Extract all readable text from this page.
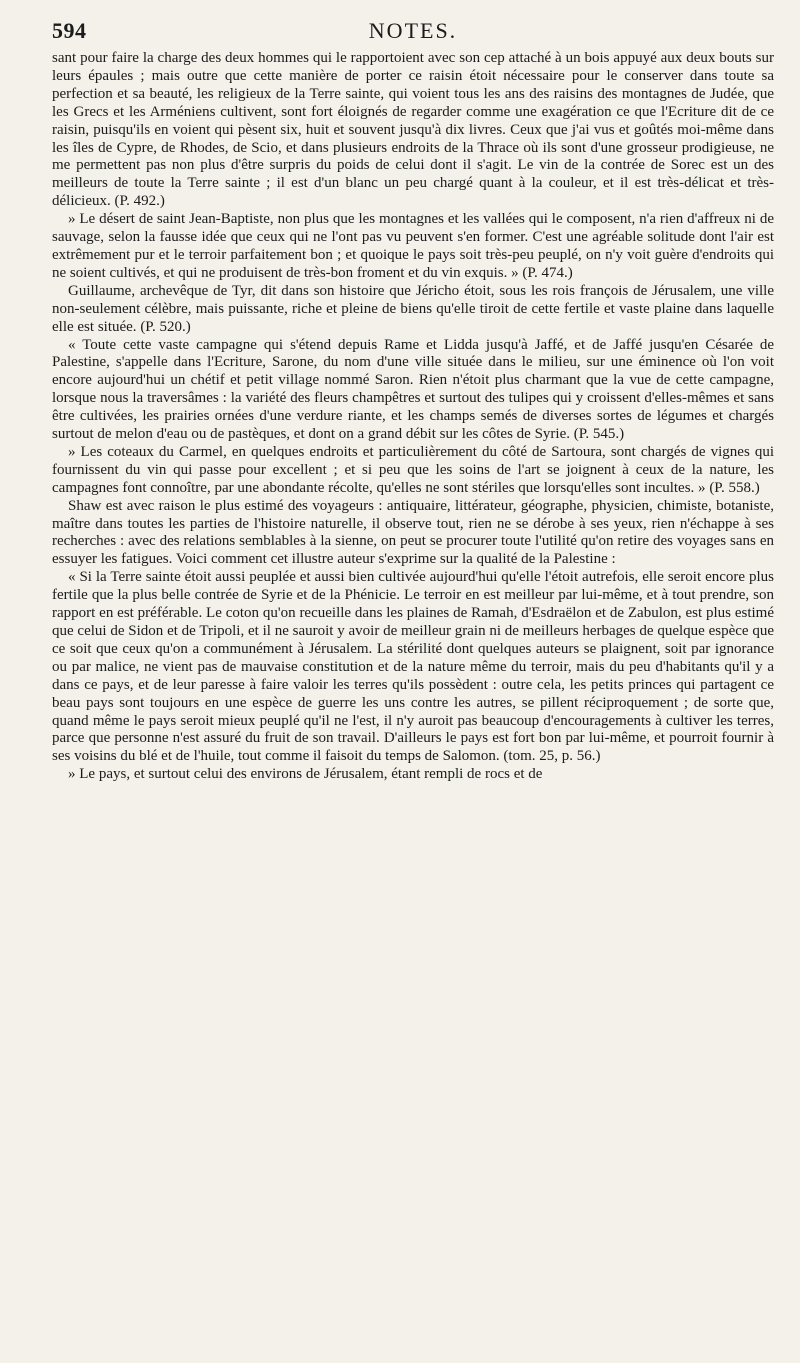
594	NOTES.

sant pour faire la charge des deux hommes qui le rapportoient avec son cep attaché à un bois appuyé aux deux bouts sur leurs épaules ; mais outre que cette manière de porter ce raisin étoit nécessaire pour le conserver dans toute sa perfection et sa beauté, les religieux de la Terre sainte, qui voient tous les ans des raisins des montagnes de Judée, que les Grecs et les Arméniens cultivent, sont fort éloignés de regarder comme une exagération ce que l'Ecriture dit de ce raisin, puisqu'ils en voient qui pèsent six, huit et souvent jusqu'à dix livres. Ceux que j'ai vus et goûtés moi-même dans les îles de Cypre, de Rhodes, de Scio, et dans plusieurs endroits de la Thrace où ils sont d'une grosseur prodigieuse, ne me permettent pas non plus d'être surpris du poids de celui dont il s'agit. Le vin de la contrée de Sorec est un des meilleurs de toute la Terre sainte ; il est d'un blanc un peu chargé quant à la couleur, et il est très-délicat et très-délicieux. (P. 492.)

» Le désert de saint Jean-Baptiste, non plus que les montagnes et les vallées qui le composent, n'a rien d'affreux ni de sauvage, selon la fausse idée que ceux qui ne l'ont pas vu peuvent s'en former. C'est une agréable solitude dont l'air est extrêmement pur et le terroir parfaitement bon ; et quoique le pays soit très-peu peuplé, on n'y voit guère d'endroits qui ne soient cultivés, et qui ne produisent de très-bon froment et du vin exquis. » (P. 474.)

Guillaume, archevêque de Tyr, dit dans son histoire que Jéricho étoit, sous les rois françois de Jérusalem, une ville non-seulement célèbre, mais puissante, riche et pleine de biens qu'elle tiroit de cette fertile et vaste plaine dans laquelle elle est située. (P. 520.)

« Toute cette vaste campagne qui s'étend depuis Rame et Lidda jusqu'à Jaffé, et de Jaffé jusqu'en Césarée de Palestine, s'appelle dans l'Ecriture, Sarone, du nom d'une ville située dans le milieu, sur une éminence où l'on voit encore aujourd'hui un chétif et petit village nommé Saron. Rien n'étoit plus charmant que la vue de cette campagne, lorsque nous la traversâmes : la variété des fleurs champêtres et surtout des tulipes qui y croissent d'elles-mêmes et sans être cultivées, les prairies ornées d'une verdure riante, et les champs semés de diverses sortes de légumes et chargés surtout de melon d'eau ou de pastèques, et dont on a grand débit sur les côtes de Syrie. (P. 545.)

» Les coteaux du Carmel, en quelques endroits et particulièrement du côté de Sartoura, sont chargés de vignes qui fournissent du vin qui passe pour excellent ; et si peu que les soins de l'art se joignent à ceux de la nature, les campagnes font connoître, par une abondante récolte, qu'elles ne sont stériles que lorsqu'elles sont incultes. » (P. 558.)

Shaw est avec raison le plus estimé des voyageurs : antiquaire, littérateur, géographe, physicien, chimiste, botaniste, maître dans toutes les parties de l'histoire naturelle, il observe tout, rien ne se dérobe à ses yeux, rien n'échappe à ses recherches : avec des relations semblables à la sienne, on peut se procurer toute l'utilité qu'on retire des voyages sans en essuyer les fatigues. Voici comment cet illustre auteur s'exprime sur la qualité de la Palestine :

« Si la Terre sainte étoit aussi peuplée et aussi bien cultivée aujourd'hui qu'elle l'étoit autrefois, elle seroit encore plus fertile que la plus belle contrée de Syrie et de la Phénicie. Le terroir en est meilleur par lui-même, et à tout prendre, son rapport en est préférable. Le coton qu'on recueille dans les plaines de Ramah, d'Esdraëlon et de Zabulon, est plus estimé que celui de Sidon et de Tripoli, et il ne sauroit y avoir de meilleur grain ni de meilleurs herbages de quelque espèce que ce soit que ceux qu'on a communément à Jérusalem. La stérilité dont quelques auteurs se plaignent, soit par ignorance ou par malice, ne vient pas de mauvaise constitution et de la nature même du terroir, mais du peu d'habitants qu'il y a dans ce pays, et de leur paresse à faire valoir les terres qu'ils possèdent : outre cela, les petits princes qui partagent ce beau pays sont toujours en une espèce de guerre les uns contre les autres, se pillent réciproquement ; de sorte que, quand même le pays seroit mieux peuplé qu'il ne l'est, il n'y auroit pas beaucoup d'encouragements à cultiver les terres, parce que personne n'est assuré du fruit de son travail. D'ailleurs le pays est fort bon par lui-même, et pourroit fournir à ses voisins du blé et de l'huile, tout comme il faisoit du temps de Salomon. (tom. 25, p. 56.)

» Le pays, et surtout celui des environs de Jérusalem, étant rempli de rocs et de
